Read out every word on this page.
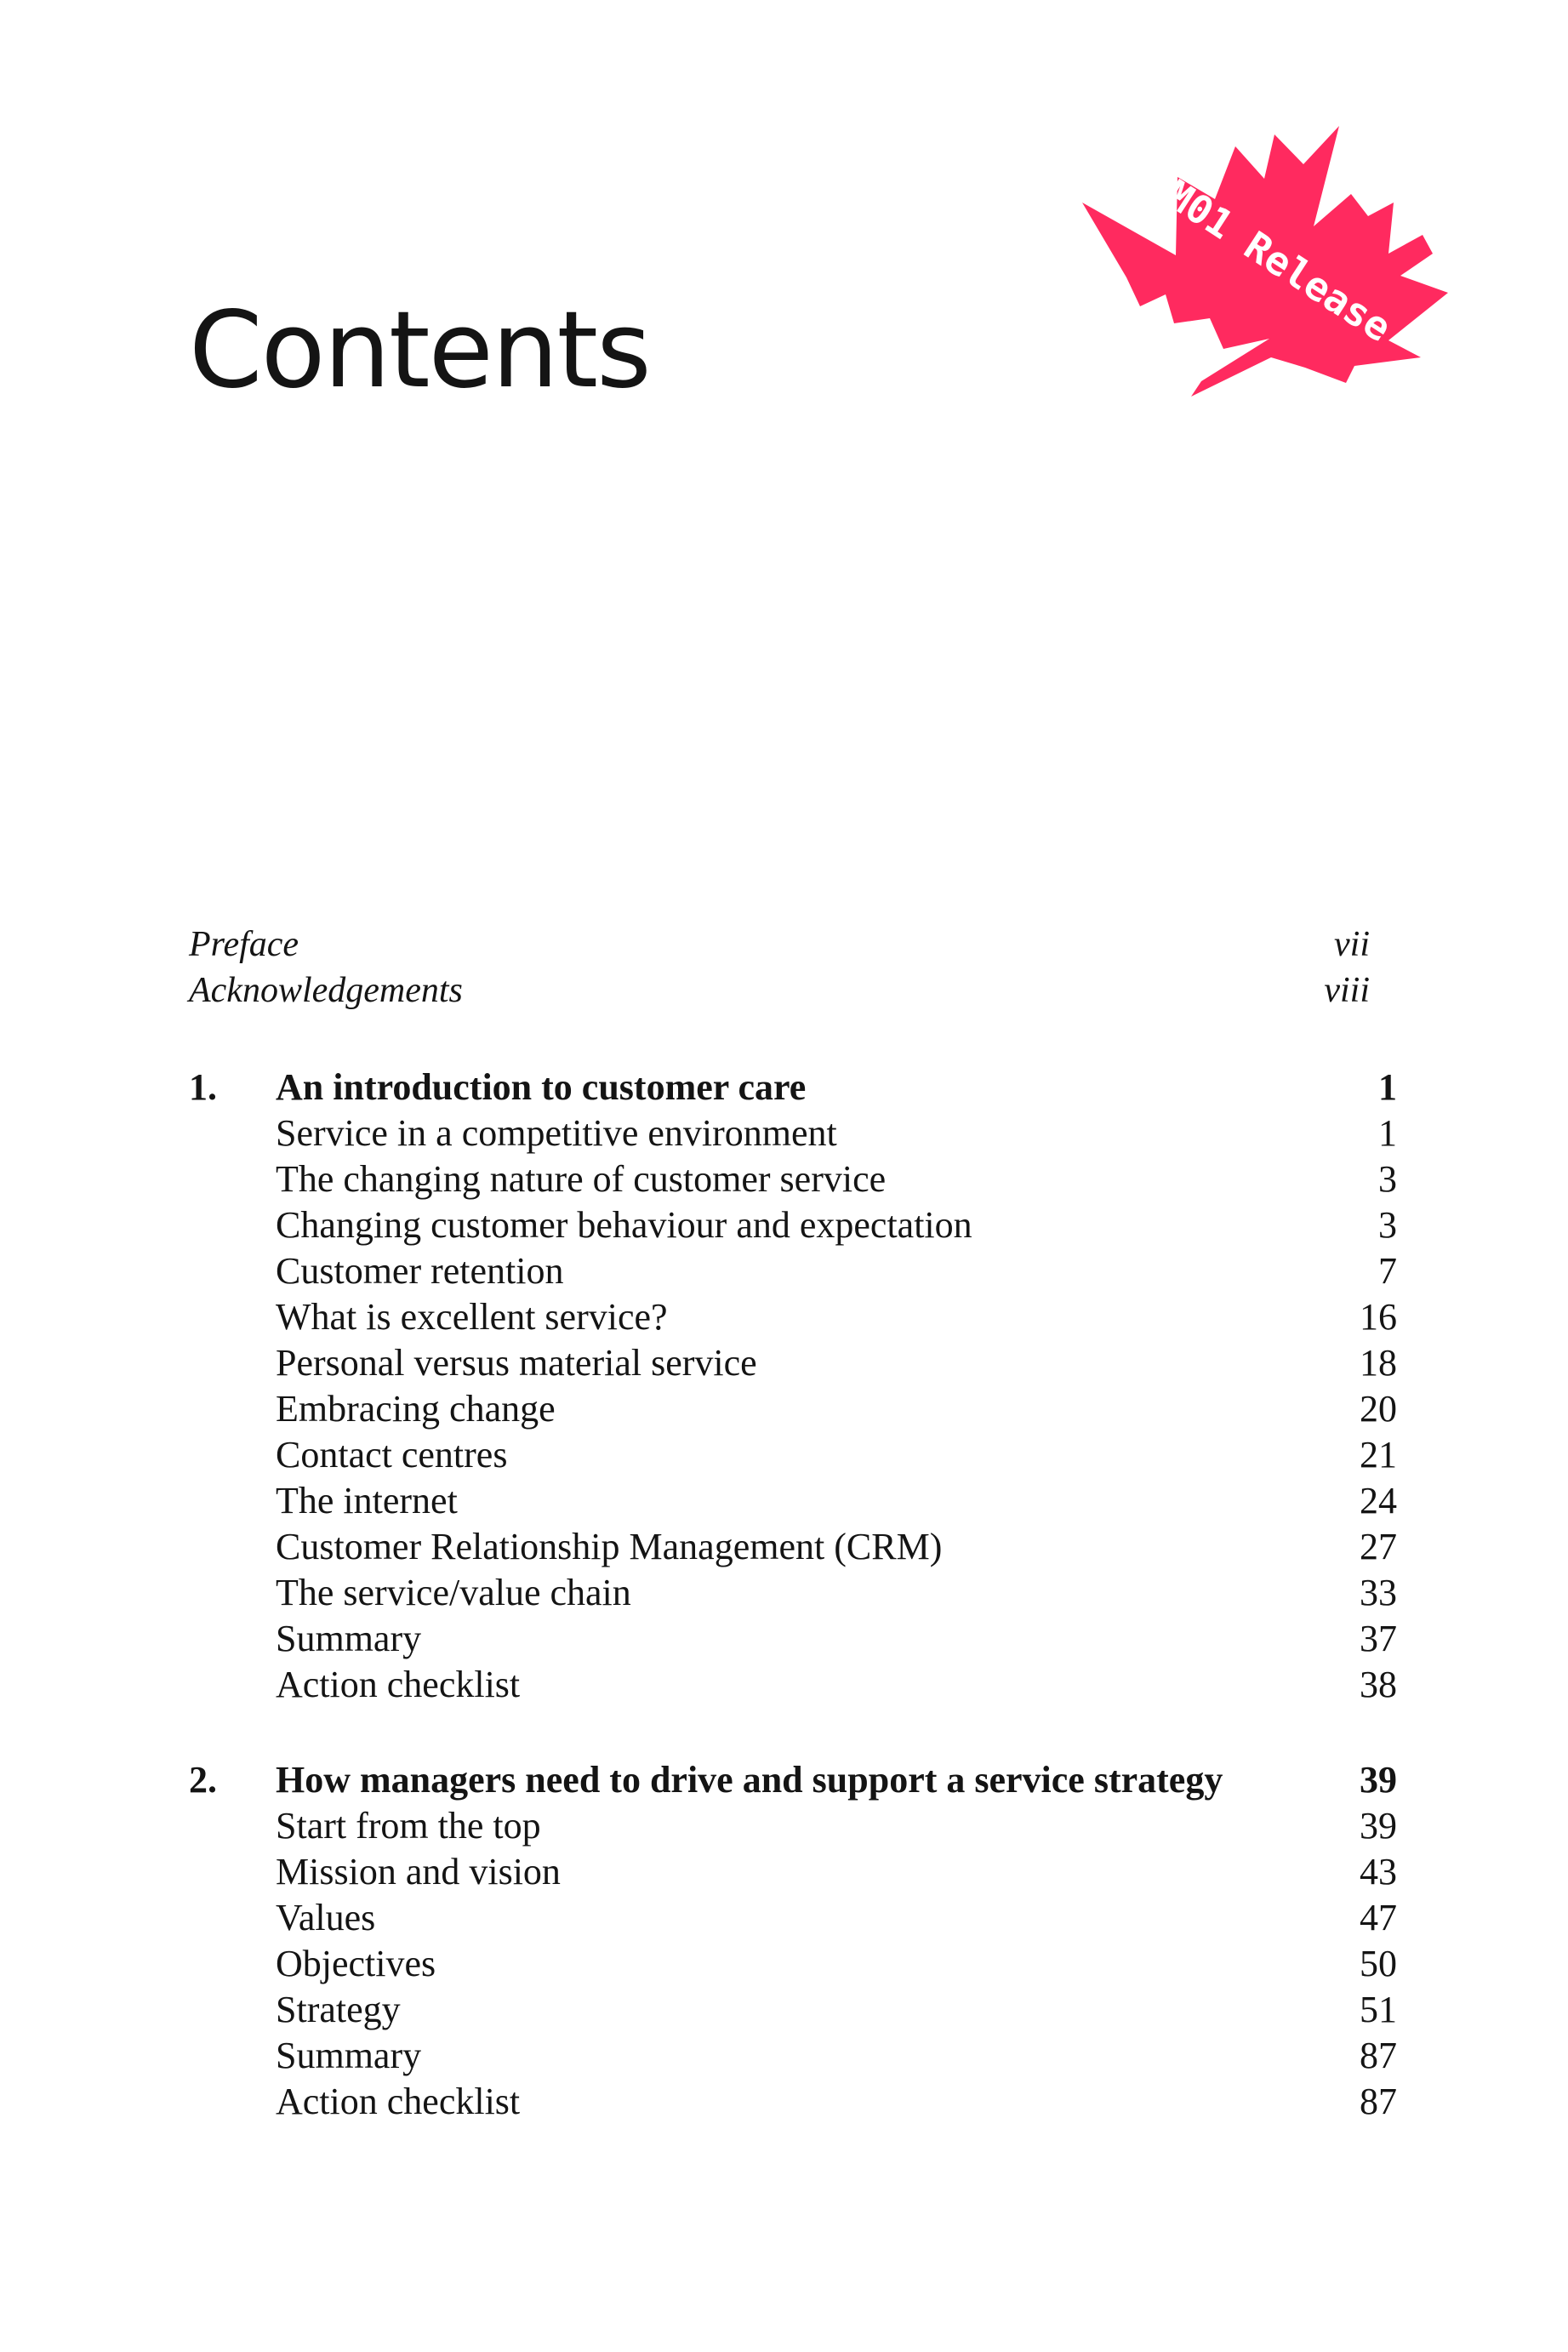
Contents	M01 Release
Preface	vii
Acknowledgements	viii
1. An introduction to customer care	1
Service in a competitive environment	1
The changing nature of customer service	3
Changing customer behaviour and expectation	3
Customer retention	7
What is excellent service?	16
Personal versus material service	18
Embracing change	20
Contact centres	21
The internet	24
Customer Relationship Management (CRM)	27
The service/value chain	33
Summary	37
Action checklist	38
2. How managers need to drive and support a service strategy	39
Start from the top	39
Mission and vision	43
Values	47
Objectives	50
Strategy	51
Summary	87
Action checklist	87
